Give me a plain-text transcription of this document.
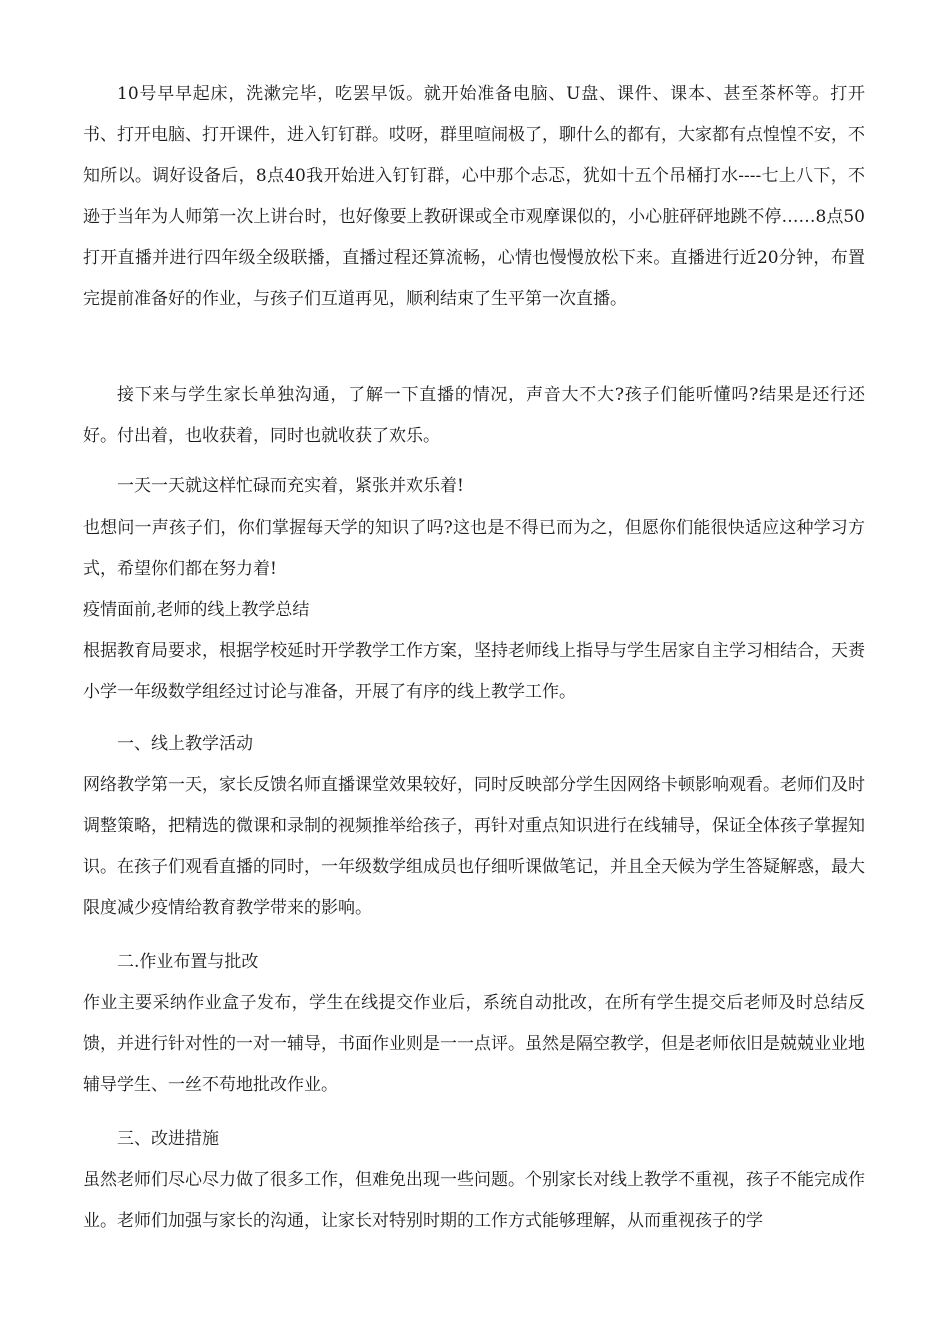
10号早早起床，洗漱完毕，吃罢早饭。就开始准备电脑、U盘、课件、课本、甚至茶杯等。打开书、打开电脑、打开课件，进入钉钉群。哎呀，群里喧闹极了，聊什么的都有，大家都有点惶惶不安，不知所以。调好设备后，8点40我开始进入钉钉群，心中那个忐忑，犹如十五个吊桶打水----七上八下，不逊于当年为人师第一次上讲台时，也好像要上教研课或全市观摩课似的，小心脏砰砰地跳不停……8点50打开直播并进行四年级全级联播，直播过程还算流畅，心情也慢慢放松下来。直播进行近20分钟，布置完提前准备好的作业，与孩子们互道再见，顺利结束了生平第一次直播。

接下来与学生家长单独沟通，了解一下直播的情况，声音大不大?孩子们能听懂吗?结果是还行还好。付出着，也收获着，同时也就收获了欢乐。

一天一天就这样忙碌而充实着，紧张并欢乐着!

也想问一声孩子们，你们掌握每天学的知识了吗?这也是不得已而为之，但愿你们能很快适应这种学习方式，希望你们都在努力着!

疫情面前,老师的线上教学总结

根据教育局要求，根据学校延时开学教学工作方案，坚持老师线上指导与学生居家自主学习相结合，天赉小学一年级数学组经过讨论与准备，开展了有序的线上教学工作。

一、线上教学活动

网络教学第一天，家长反馈名师直播课堂效果较好，同时反映部分学生因网络卡顿影响观看。老师们及时调整策略，把精选的微课和录制的视频推举给孩子，再针对重点知识进行在线辅导，保证全体孩子掌握知识。在孩子们观看直播的同时，一年级数学组成员也仔细听课做笔记，并且全天候为学生答疑解惑，最大限度减少疫情给教育教学带来的影响。

二.作业布置与批改

作业主要采纳作业盒子发布，学生在线提交作业后，系统自动批改，在所有学生提交后老师及时总结反馈，并进行针对性的一对一辅导，书面作业则是一一点评。虽然是隔空教学，但是老师依旧是兢兢业业地辅导学生、一丝不苟地批改作业。

三、改进措施

虽然老师们尽心尽力做了很多工作，但难免出现一些问题。个别家长对线上教学不重视，孩子不能完成作业。老师们加强与家长的沟通，让家长对特别时期的工作方式能够理解，从而重视孩子的学
